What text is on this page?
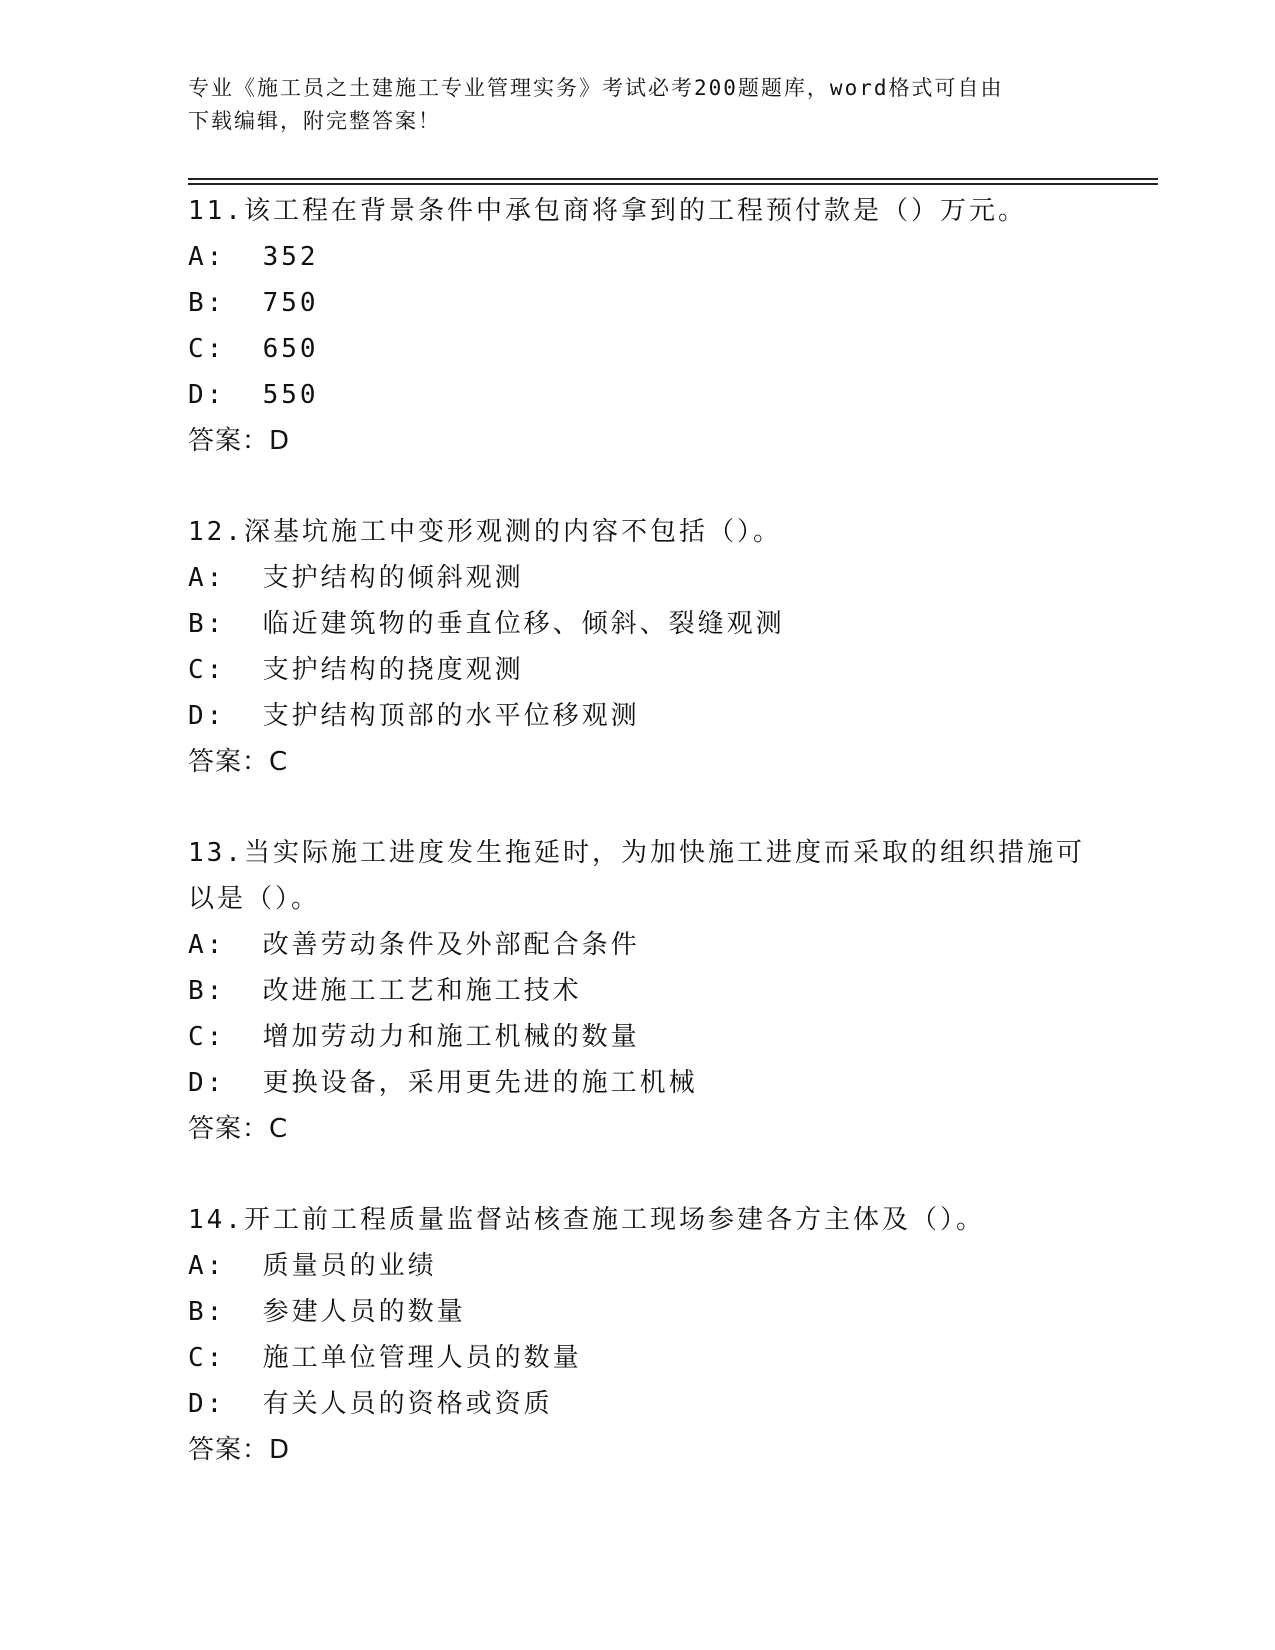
专业《施工员之土建施工专业管理实务》考试必考200题题库，word格式可自由
下载编辑，附完整答案！
11.该工程在背景条件中承包商将拿到的工程预付款是（）万元。
A:  352
B:  750
C:  650
D:  550
答案：D
12.深基坑施工中变形观测的内容不包括（）。
A:  支护结构的倾斜观测
B:  临近建筑物的垂直位移、倾斜、裂缝观测
C:  支护结构的挠度观测
D:  支护结构顶部的水平位移观测
答案：C
13.当实际施工进度发生拖延时，为加快施工进度而采取的组织措施可
以是（）。
A:  改善劳动条件及外部配合条件
B:  改进施工工艺和施工技术
C:  增加劳动力和施工机械的数量
D:  更换设备，采用更先进的施工机械
答案：C
14.开工前工程质量监督站核查施工现场参建各方主体及（）。
A:  质量员的业绩
B:  参建人员的数量
C:  施工单位管理人员的数量
D:  有关人员的资格或资质
答案：D
